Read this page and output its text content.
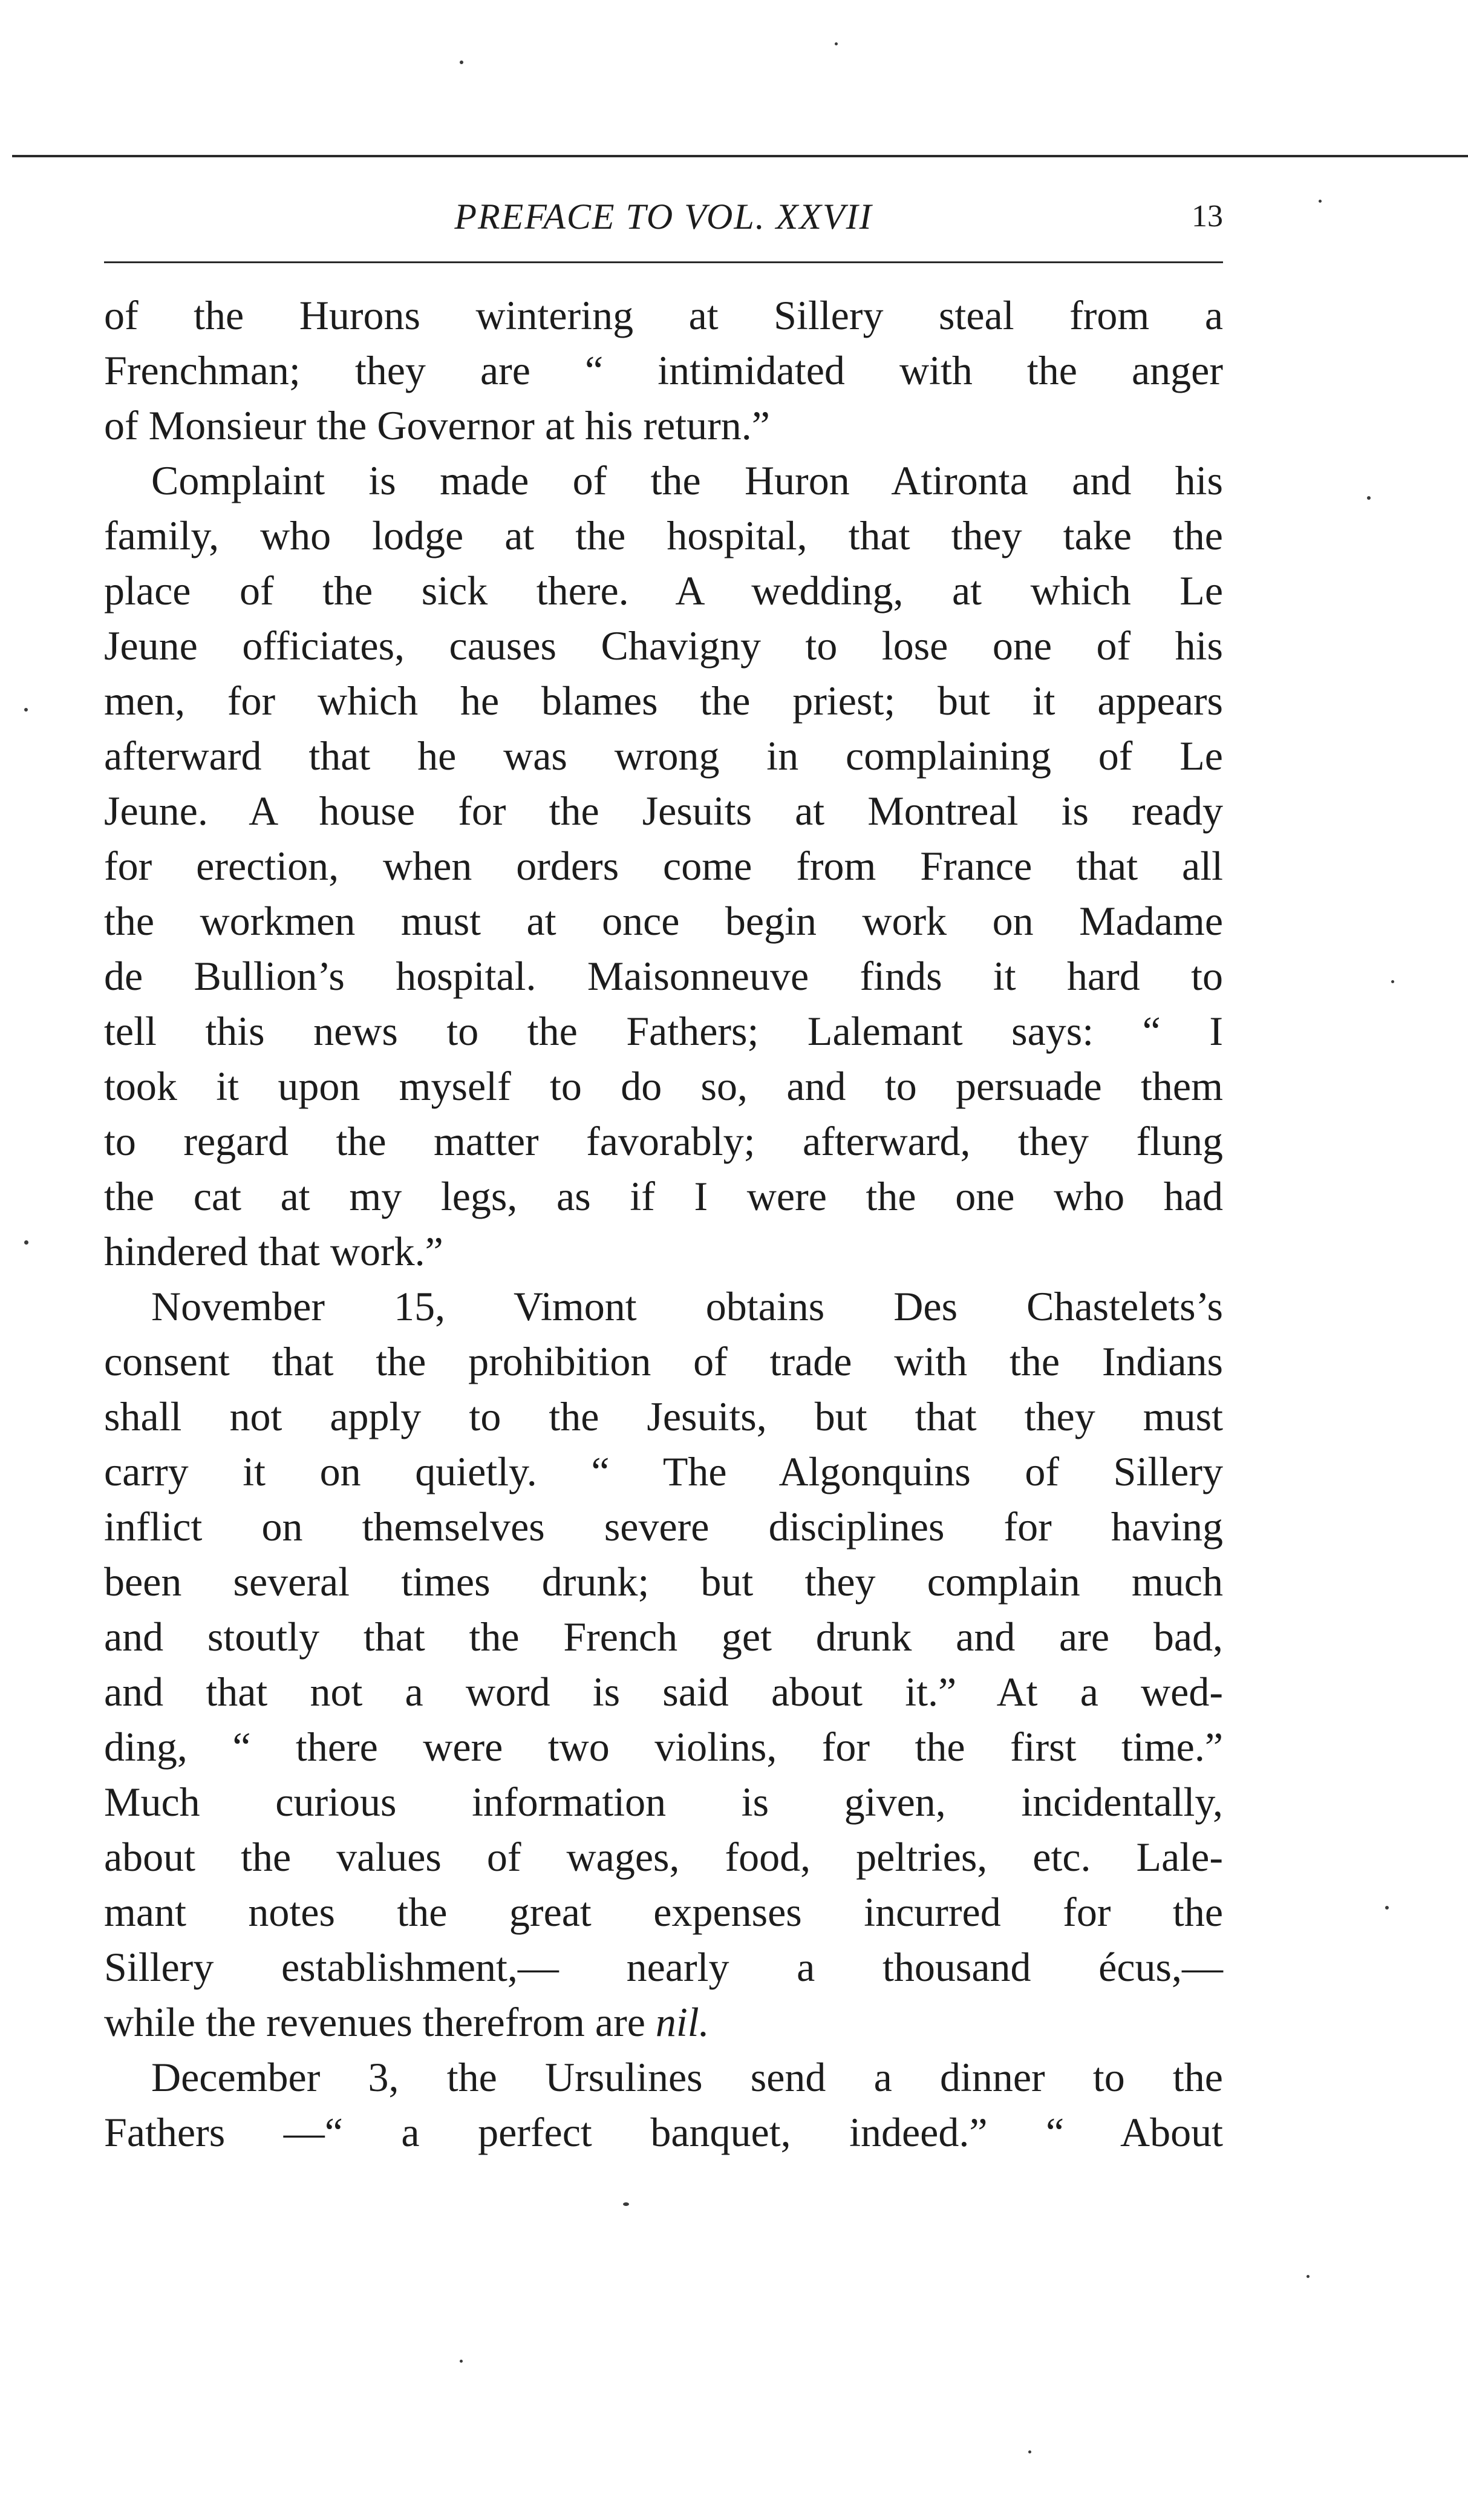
PREFACE TO VOL. XXVII	13
of the Hurons wintering at Sillery steal from a
Frenchman; they are “ intimidated with the anger
of Monsieur the Governor at his return.”
Complaint is made of the Huron Atironta and his
family, who lodge at the hospital, that they take the
place of the sick there. A wedding, at which Le
Jeune officiates, causes Chavigny to lose one of his
men, for which he blames the priest; but it appears
afterward that he was wrong in complaining of Le
Jeune. A house for the Jesuits at Montreal is ready
for erection, when orders come from France that all
the workmen must at once begin work on Madame
de Bullion’s hospital. Maisonneuve finds it hard to
tell this news to the Fathers; Lalemant says: “ I
took it upon myself to do so, and to persuade them
to regard the matter favorably; afterward, they flung
the cat at my legs, as if I were the one who had
hindered that work.”
November 15, Vimont obtains Des Chastelets’s
consent that the prohibition of trade with the Indians
shall not apply to the Jesuits, but that they must
carry it on quietly. “ The Algonquins of Sillery
inflict on themselves severe disciplines for having
been several times drunk; but they complain much
and stoutly that the French get drunk and are bad,
and that not a word is said about it.” At a wed-
ding, “ there were two violins, for the first time.”
Much curious information is given, incidentally,
about the values of wages, food, peltries, etc. Lale-
mant notes the great expenses incurred for the
Sillery establishment,— nearly a thousand écus,—
while the revenues therefrom are nil.
December 3, the Ursulines send a dinner to the
Fathers —“ a perfect banquet, indeed.” “ About
